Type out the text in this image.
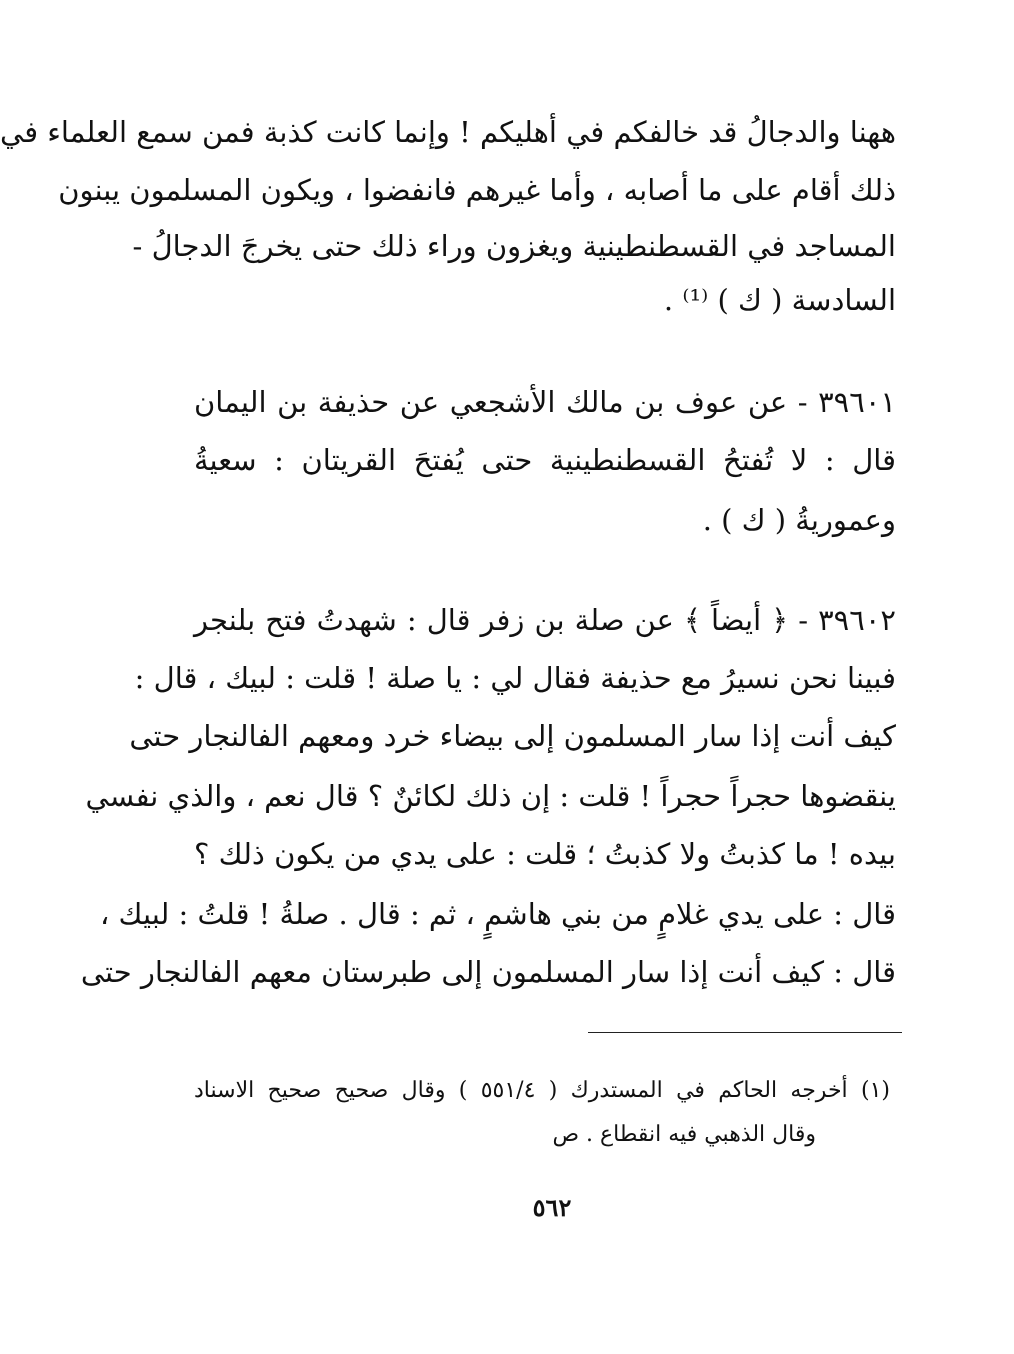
ههنا والدجالُ قد خالفكم في أهليكم ! وإنما كانت كذبة فمن سمع العلماء في
ذلك أقام على ما أصابه ، وأما غيرهم فانفضوا ، ويكون المسلمون يبنون
المساجد في القسطنطينية ويغزون وراء ذلك حتى يخرجَ الدجالُ -
السادسة ( ك ) ⁽¹⁾ .
٣٩٦٠١ - عن عوف بن مالك الأشجعي عن حذيفة بن اليمان
قال : لا تُفتحُ القسطنطينية حتى يُفتحَ القريتان : سعيةُ
وعموريةُ ( ك ) .
٣٩٦٠٢ - ﴿ أيضاً ﴾ عن صلة بن زفر قال : شهدتُ فتح بلنجر
فبينا نحن نسيرُ مع حذيفة فقال لي : يا صلة ! قلت : لبيك ، قال :
كيف أنت إذا سار المسلمون إلى بيضاء خرد ومعهم الفالنجار حتى
ينقضوها حجراً حجراً ! قلت : إن ذلك لكائنٌ ؟ قال نعم ، والذي نفسي
بيده ! ما كذبتُ ولا كذبتُ ؛ قلت : على يدي من يكون ذلك ؟
قال : على يدي غلامٍ من بني هاشمٍ ، ثم : قال . صلةُ ! قلتُ : لبيك ،
قال : كيف أنت إذا سار المسلمون إلى طبرستان معهم الفالنجار حتى
(١) أخرجه الحاكم في المستدرك ( ٥٥١/٤ ) وقال صحيح صحيح الاسناد
وقال الذهبي فيه انقطاع . ص
٥٦٢
